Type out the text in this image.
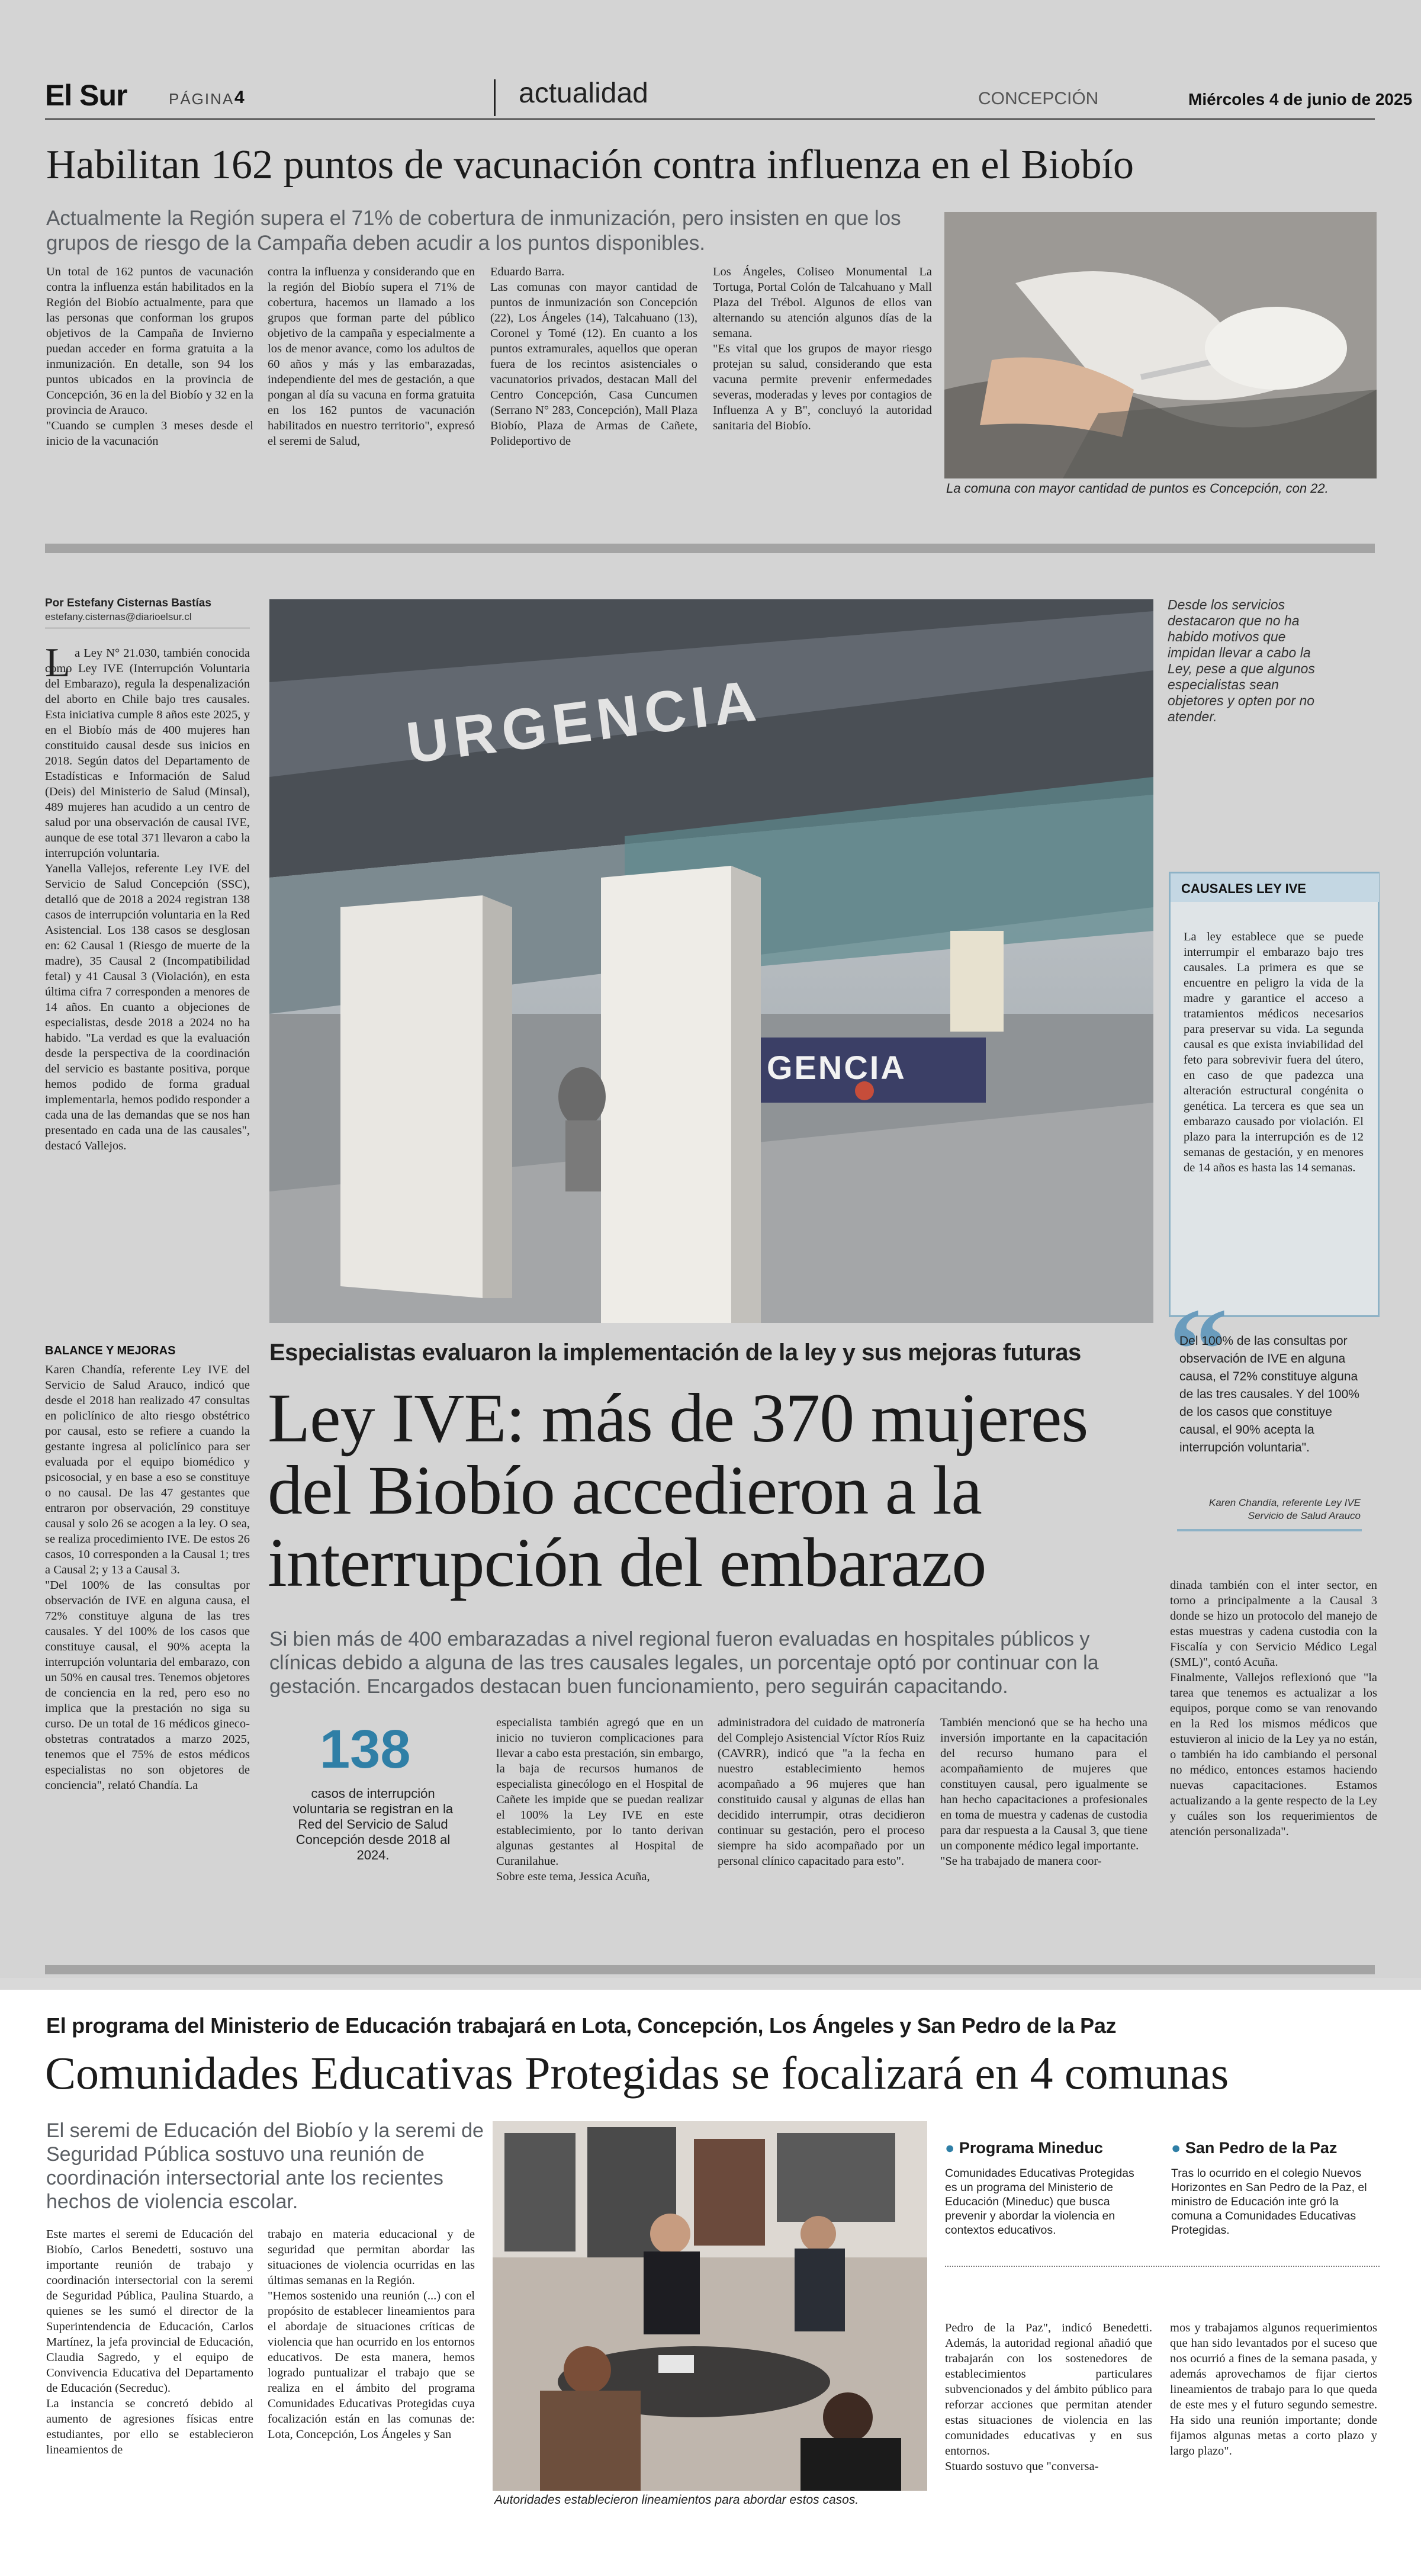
El Sur	PÁGINA 4	actualidad	CONCEPCIÓN	Miércoles 4 de junio de 2025
Habilitan 162 puntos de vacunación contra influenza en el Biobío
Actualmente la Región supera el 71% de cobertura de inmunización, pero insisten en que los grupos de riesgo de la Campaña deben acudir a los puntos disponibles.
Un total de 162 puntos de vacunación contra la influenza están habilitados en la Región del Biobío actualmente, para que las personas que conforman los grupos objetivos de la Campaña de Invierno puedan acceder en forma gratuita a la inmunización. En detalle, son 94 los puntos ubicados en la provincia de Concepción, 36 en la del Biobío y 32 en la provincia de Arauco.
"Cuando se cumplen 3 meses desde el inicio de la vacunación
contra la influenza y considerando que en la región del Biobío supera el 71% de cobertura, hacemos un llamado a los grupos que forman parte del público objetivo de la campaña y especialmente a los de menor avance, como los adultos de 60 años y más y las embarazadas, independiente del mes de gestación, a que pongan al día su vacuna en forma gratuita en los 162 puntos de vacunación habilitados en nuestro territorio", expresó el seremi de Salud,
Eduardo Barra.
Las comunas con mayor cantidad de puntos de inmunización son Concepción (22), Los Ángeles (14), Talcahuano (13), Coronel y Tomé (12). En cuanto a los puntos extramurales, aquellos que operan fuera de los recintos asistenciales o vacunatorios privados, destacan Mall del Centro Concepción, Casa Cuncumen (Serrano N° 283, Concepción), Mall Plaza Biobío, Plaza de Armas de Cañete, Polideportivo de
Los Ángeles, Coliseo Monumental La Tortuga, Portal Colón de Talcahuano y Mall Plaza del Trébol. Algunos de ellos van alternando su atención algunos días de la semana.
"Es vital que los grupos de mayor riesgo protejan su salud, considerando que esta vacuna permite prevenir enfermedades severas, moderadas y leves por contagios de Influenza A y B", concluyó la autoridad sanitaria del Biobío.
La comuna con mayor cantidad de puntos es Concepción, con 22.
Por Estefany Cisternas Bastías
estefany.cisternas@diarioelsur.cl
L a Ley N° 21.030, también conocida como Ley IVE (Interrupción Voluntaria del Embarazo), regula la despenalización del aborto en Chile bajo tres causales. Esta iniciativa cumple 8 años este 2025, y en el Biobío más de 400 mujeres han constituido causal desde sus inicios en 2018. Según datos del Departamento de Estadísticas e Información de Salud (Deis) del Ministerio de Salud (Minsal), 489 mujeres han acudido a un centro de salud por una observación de causal IVE, aunque de ese total 371 llevaron a cabo la interrupción voluntaria.
Yanella Vallejos, referente Ley IVE del Servicio de Salud Concepción (SSC), detalló que de 2018 a 2024 registran 138 casos de interrupción voluntaria en la Red Asistencial. Los 138 casos se desglosan en: 62 Causal 1 (Riesgo de muerte de la madre), 35 Causal 2 (Incompatibilidad fetal) y 41 Causal 3 (Violación), en esta última cifra 7 corresponden a menores de 14 años. En cuanto a objeciones de especialistas, desde 2018 a 2024 no ha habido. "La verdad es que la evaluación desde la perspectiva de la coordinación del servicio es bastante positiva, porque hemos podido de forma gradual implementarla, hemos podido responder a cada una de las demandas que se nos han presentado en cada una de las causales", destacó Vallejos.
BALANCE Y MEJORAS
Karen Chandía, referente Ley IVE del Servicio de Salud Arauco, indicó que desde el 2018 han realizado 47 consultas en policlínico de alto riesgo obstétrico por causal, esto se refiere a cuando la gestante ingresa al policlínico para ser evaluada por el equipo biomédico y psicosocial, y en base a eso se constituye o no causal. De las 47 gestantes que entraron por observación, 29 constituye causal y solo 26 se acogen a la ley. O sea, se realiza procedimiento IVE. De estos 26 casos, 10 corresponden a la Causal 1; tres a Causal 2; y 13 a Causal 3.
"Del 100% de las consultas por observación de IVE en alguna causa, el 72% constituye alguna de las tres causales. Y del 100% de los casos que constituye causal, el 90% acepta la interrupción voluntaria del embarazo, con un 50% en causal tres. Tenemos objetores de conciencia en la red, pero eso no implica que la prestación no siga su curso. De un total de 16 médicos gineco-obstetras contratados a marzo 2025, tenemos que el 75% de estos médicos especialistas no son objetores de conciencia", relató Chandía. La
URGENCIA
GENCIA
Desde los servicios destacaron que no ha habido motivos que impidan llevar a cabo la Ley, pese a que algunos especialistas sean objetores y opten por no atender.
CAUSALES LEY IVE
La ley establece que se puede interrumpir el embarazo bajo tres causales. La primera es que se encuentre en peligro la vida de la madre y garantice el acceso a tratamientos médicos necesarios para preservar su vida. La segunda causal es que exista inviabilidad del feto para sobrevivir fuera del útero, en caso de que padezca una alteración estructural congénita o genética. La tercera es que sea un embarazo causado por violación. El plazo para la interrupción es de 12 semanas de gestación, y en menores de 14 años es hasta las 14 semanas.
“
Del 100% de las consultas por observación de IVE en alguna causa, el 72% constituye alguna de las tres causales. Y del 100% de los casos que constituye causal, el 90% acepta la interrupción voluntaria".
Karen Chandía, referente Ley IVE
Servicio de Salud Arauco
Especialistas evaluaron la implementación de la ley y sus mejoras futuras
Ley IVE: más de 370 mujeres del Biobío accedieron a la interrupción del embarazo
Si bien más de 400 embarazadas a nivel regional fueron evaluadas en hospitales públicos y clínicas debido a alguna de las tres causales legales, un porcentaje optó por continuar con la gestación. Encargados destacan buen funcionamiento, pero seguirán capacitando.
138
casos de interrupción voluntaria se registran en la Red del Servicio de Salud Concepción desde 2018 al 2024.
especialista también agregó que en un inicio no tuvieron complicaciones para llevar a cabo esta prestación, sin embargo, la baja de recursos humanos de especialista ginecólogo en el Hospital de Cañete les impide que se puedan realizar el 100% la Ley IVE en este establecimiento, por lo tanto derivan algunas gestantes al Hospital de Curanilahue.
Sobre este tema, Jessica Acuña,
administradora del cuidado de matronería del Complejo Asistencial Víctor Ríos Ruiz (CAVRR), indicó que "a la fecha en nuestro establecimiento hemos acompañado a 96 mujeres que han constituido causal y algunas de ellas han decidido interrumpir, otras decidieron continuar su gestación, pero el proceso siempre ha sido acompañado por un personal clínico capacitado para esto".
También mencionó que se ha hecho una inversión importante en la capacitación del recurso humano para el acompañamiento de mujeres que constituyen causal, pero igualmente se han hecho capacitaciones a profesionales en toma de muestra y cadenas de custodia para dar respuesta a la Causal 3, que tiene un componente médico legal importante.
"Se ha trabajado de manera coor-
dinada también con el inter sector, en torno a principalmente a la Causal 3 donde se hizo un protocolo del manejo de estas muestras y cadena custodia con la Fiscalía y con Servicio Médico Legal (SML)", contó Acuña.
Finalmente, Vallejos reflexionó que "la tarea que tenemos es actualizar a los equipos, porque como se van renovando en la Red los mismos médicos que estuvieron al inicio de la Ley ya no están, o también ha ido cambiando el personal no médico, entonces estamos haciendo nuevas capacitaciones. Estamos actualizando a la gente respecto de la Ley y cuáles son los requerimientos de atención personalizada".
El programa del Ministerio de Educación trabajará en Lota, Concepción, Los Ángeles y San Pedro de la Paz
Comunidades Educativas Protegidas se focalizará en 4 comunas
El seremi de Educación del Biobío y la seremi de Seguridad Pública sostuvo una reunión de coordinación intersectorial ante los recientes hechos de violencia escolar.
Este martes el seremi de Educación del Biobío, Carlos Benedetti, sostuvo una importante reunión de trabajo y coordinación intersectorial con la seremi de Seguridad Pública, Paulina Stuardo, a quienes se les sumó el director de la Superintendencia de Educación, Carlos Martínez, la jefa provincial de Educación, Claudia Sagredo, y el equipo de Convivencia Educativa del Departamento de Educación (Secreduc).
La instancia se concretó debido al aumento de agresiones físicas entre estudiantes, por ello se establecieron lineamientos de
trabajo en materia educacional y de seguridad que permitan abordar las situaciones de violencia ocurridas en las últimas semanas en la Región.
"Hemos sostenido una reunión (...) con el propósito de establecer lineamientos para el abordaje de situaciones críticas de violencia que han ocurrido en los entornos educativos. De esta manera, hemos logrado puntualizar el trabajo que se realiza en el ámbito del programa Comunidades Educativas Protegidas cuya focalización están en las comunas de: Lota, Concepción, Los Ángeles y San
Autoridades establecieron lineamientos para abordar estos casos.
● Programa Mineduc
Comunidades Educativas Protegidas es un programa del Ministerio de Educación (Mineduc) que busca prevenir y abordar la violencia en contextos educativos.
● San Pedro de la Paz
Tras lo ocurrido en el colegio Nuevos Horizontes en San Pedro de la Paz, el ministro de Educación inte gró la comuna a Comunidades Educativas Protegidas.
Pedro de la Paz", indicó Benedetti. Además, la autoridad regional añadió que trabajarán con los sostenedores de establecimientos particulares subvencionados y del ámbito público para reforzar acciones que permitan atender estas situaciones de violencia en las comunidades educativas y en sus entornos.
Stuardo sostuvo que "conversa-
mos y trabajamos algunos requerimientos que han sido levantados por el suceso que nos ocurrió a fines de la semana pasada, y además aprovechamos de fijar ciertos lineamientos de trabajo para lo que queda de este mes y el futuro segundo semestre. Ha sido una reunión importante; donde fijamos algunas metas a corto plazo y largo plazo".
